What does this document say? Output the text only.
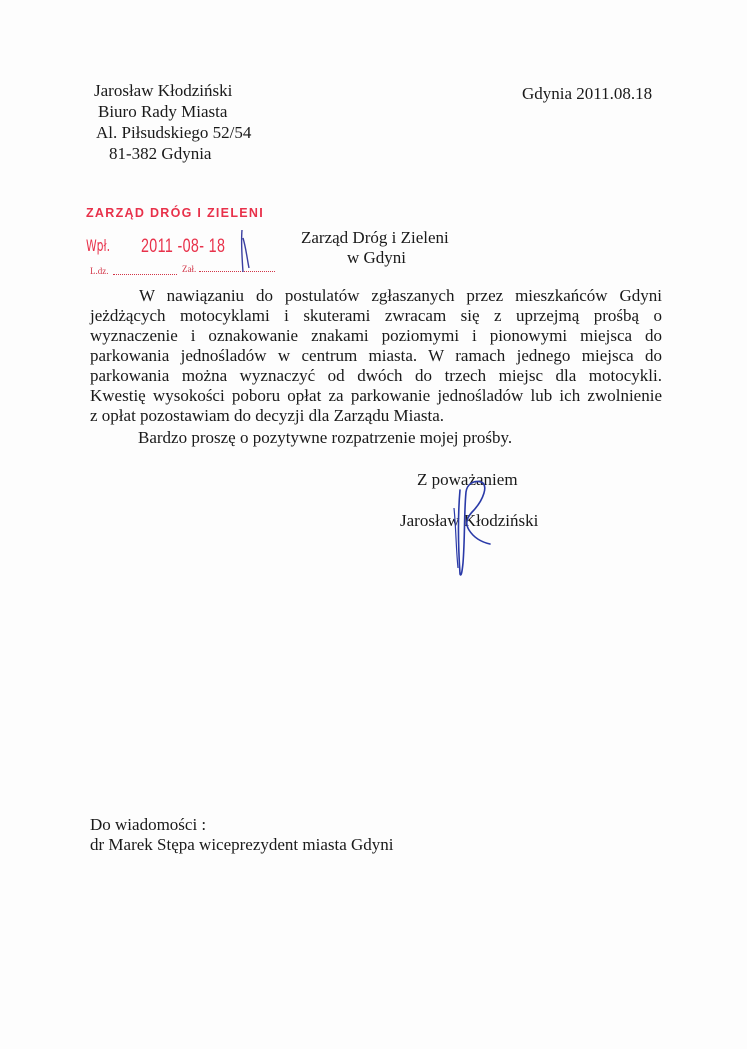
Jarosław Kłodziński
Biuro Rady Miasta
Al. Piłsudskiego 52/54
81-382 Gdynia
Gdynia 2011.08.18
ZARZĄD DRÓG I ZIELENI
Wpł. 2011 -08- 18
L.dz.	Zał.
Zarząd Dróg i Zieleni
w Gdyni
W nawiązaniu do postulatów zgłaszanych przez mieszkańców Gdyni
jeżdżących motocyklami i skuterami zwracam się z uprzejmą prośbą o
wyznaczenie i oznakowanie znakami poziomymi i pionowymi miejsca do
parkowania jednośladów w centrum miasta. W ramach jednego miejsca do
parkowania można wyznaczyć od dwóch do trzech miejsc dla motocykli.
Kwestię wysokości poboru opłat za parkowanie jednośladów lub ich zwolnienie
z opłat pozostawiam do decyzji dla Zarządu Miasta.
Bardzo proszę o pozytywne rozpatrzenie mojej prośby.
Z poważaniem
Jarosław Kłodziński
Do wiadomości :
dr Marek Stępa wiceprezydent miasta Gdyni
